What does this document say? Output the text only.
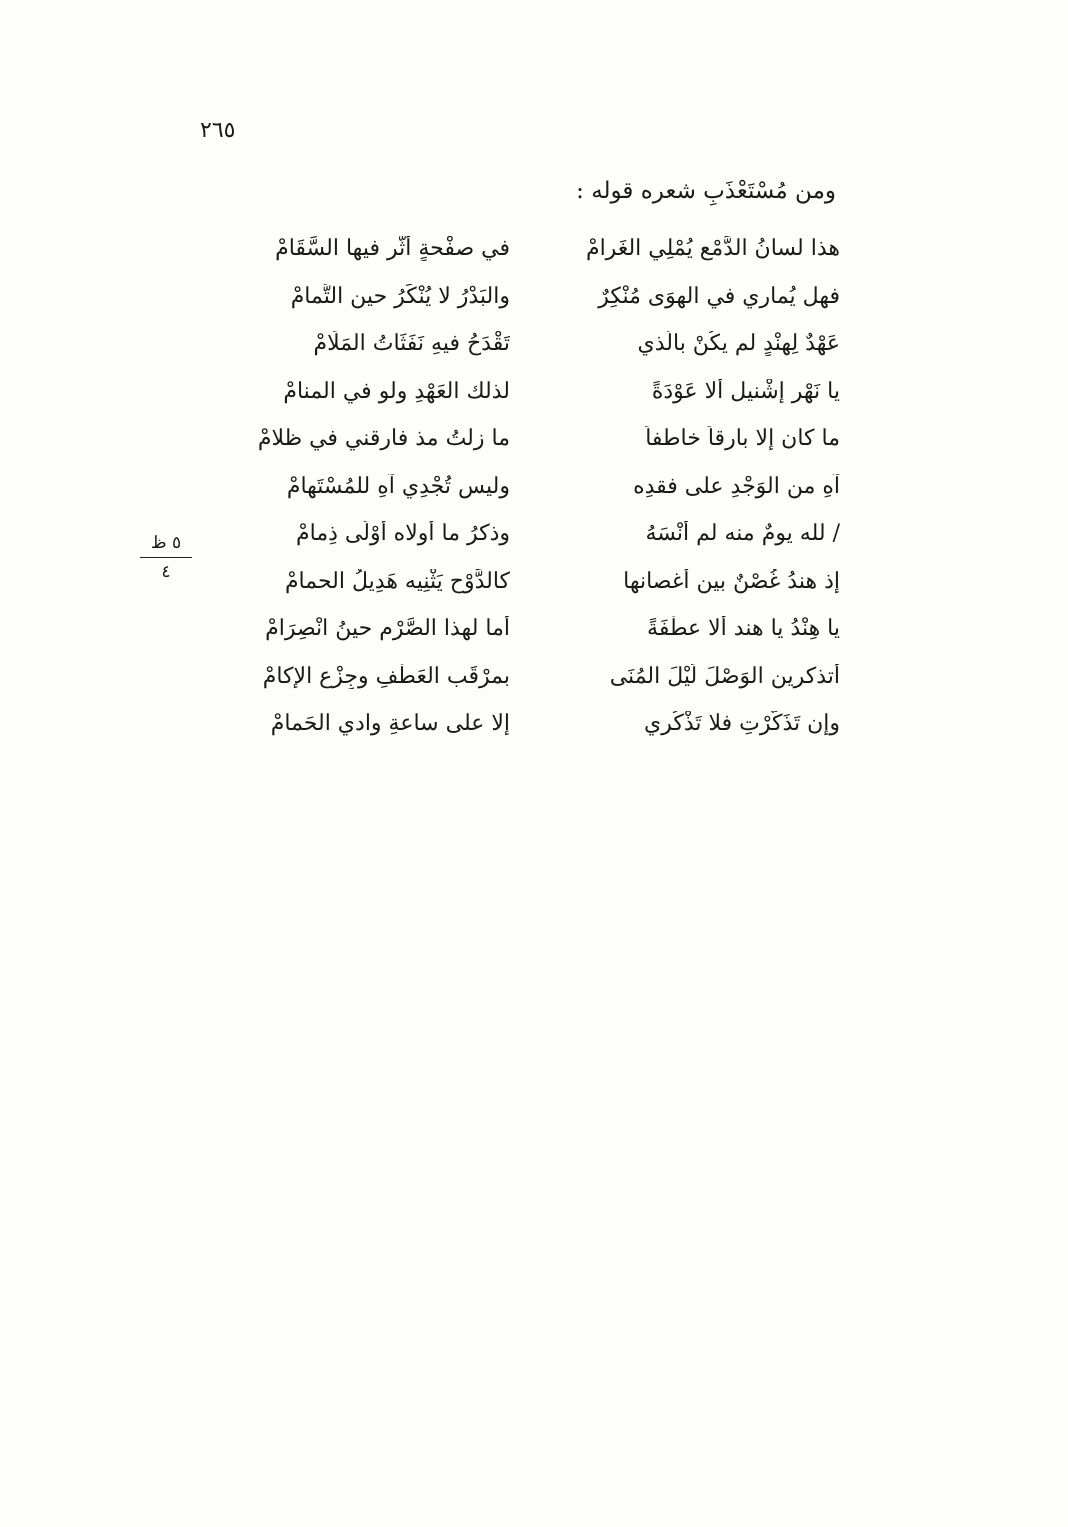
٢٦٥
ومن مُسْتَعْذَبِ شعره قوله :
هذا لسانُ الدَّمْعِ يُمْلِي الغَرامْ
في صفْحةٍ أثَّر فيها السَّقَامْ
فهل يُمارِي في الهوَى مُنْكِرٌ
والبَدْرُ لا يُنْكَرُ حين التَّمامْ
عَهْدٌ لِهنْدٍ لم يكُنْ بالَّذي
تَقْدَحُ فيهِ نَفَثَاتُ المَلَامْ
يا نَهْر إشْنيل ألا عَوْدَةً
لذلك العَهْدِ ولو في المنامْ
ما كان إلا بارِقاً خاطفاً
ما زلتُ مذ فارقني في ظلامْ
آهِ من الوَجْدِ على فقدِه
وليس تُجْدِي آهِ للمُسْتَهامْ
/ لله يومٌ منه لم أنْسَهُ
وذكرُ ما أولاه أوْلَى ذِمامْ
إذ هندُ غُصْنٌ بين أغصانها
كالدَّوْحِ يَثْنِيه هَدِيلُ الحمامْ
يا هِنْدُ يا هند ألا عطْفَةً
أما لهذا الصَّرْمِ حينُ انْصِرَامْ
أتذكرين الوَصْلَ لَيْلَ المُنَى
بمرْقَب العَطْفِ وجِزْعِ الإكامْ
وإن تَذَكَّرْتِ فلا تَذْكُرِي
إلا على ساعةِ وادي الحَمامْ
٥ ظ
٤
